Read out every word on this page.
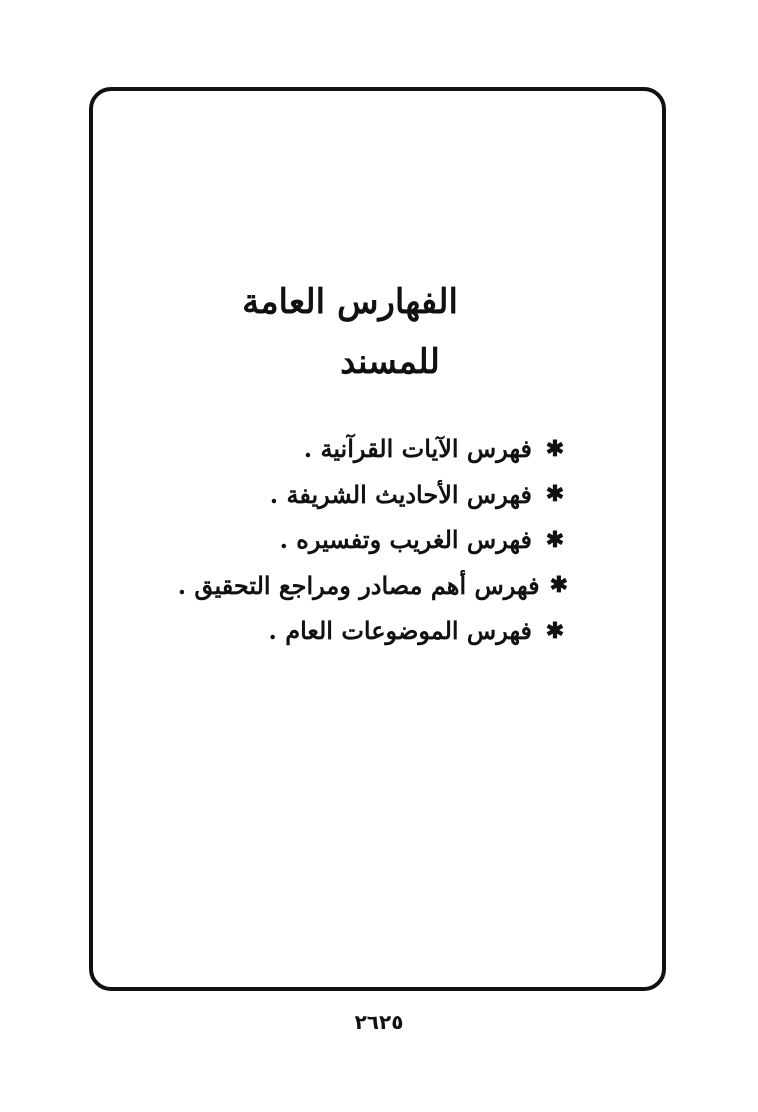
الفهارس العامة
للمسند
✱
فهرس الآيات القرآنية .
✱
فهرس الأحاديث الشريفة .
✱
فهرس الغريب وتفسيره .
✱
فهرس أهم مصادر ومراجع التحقيق .
✱
فهرس الموضوعات العام .
٢٦٢٥
